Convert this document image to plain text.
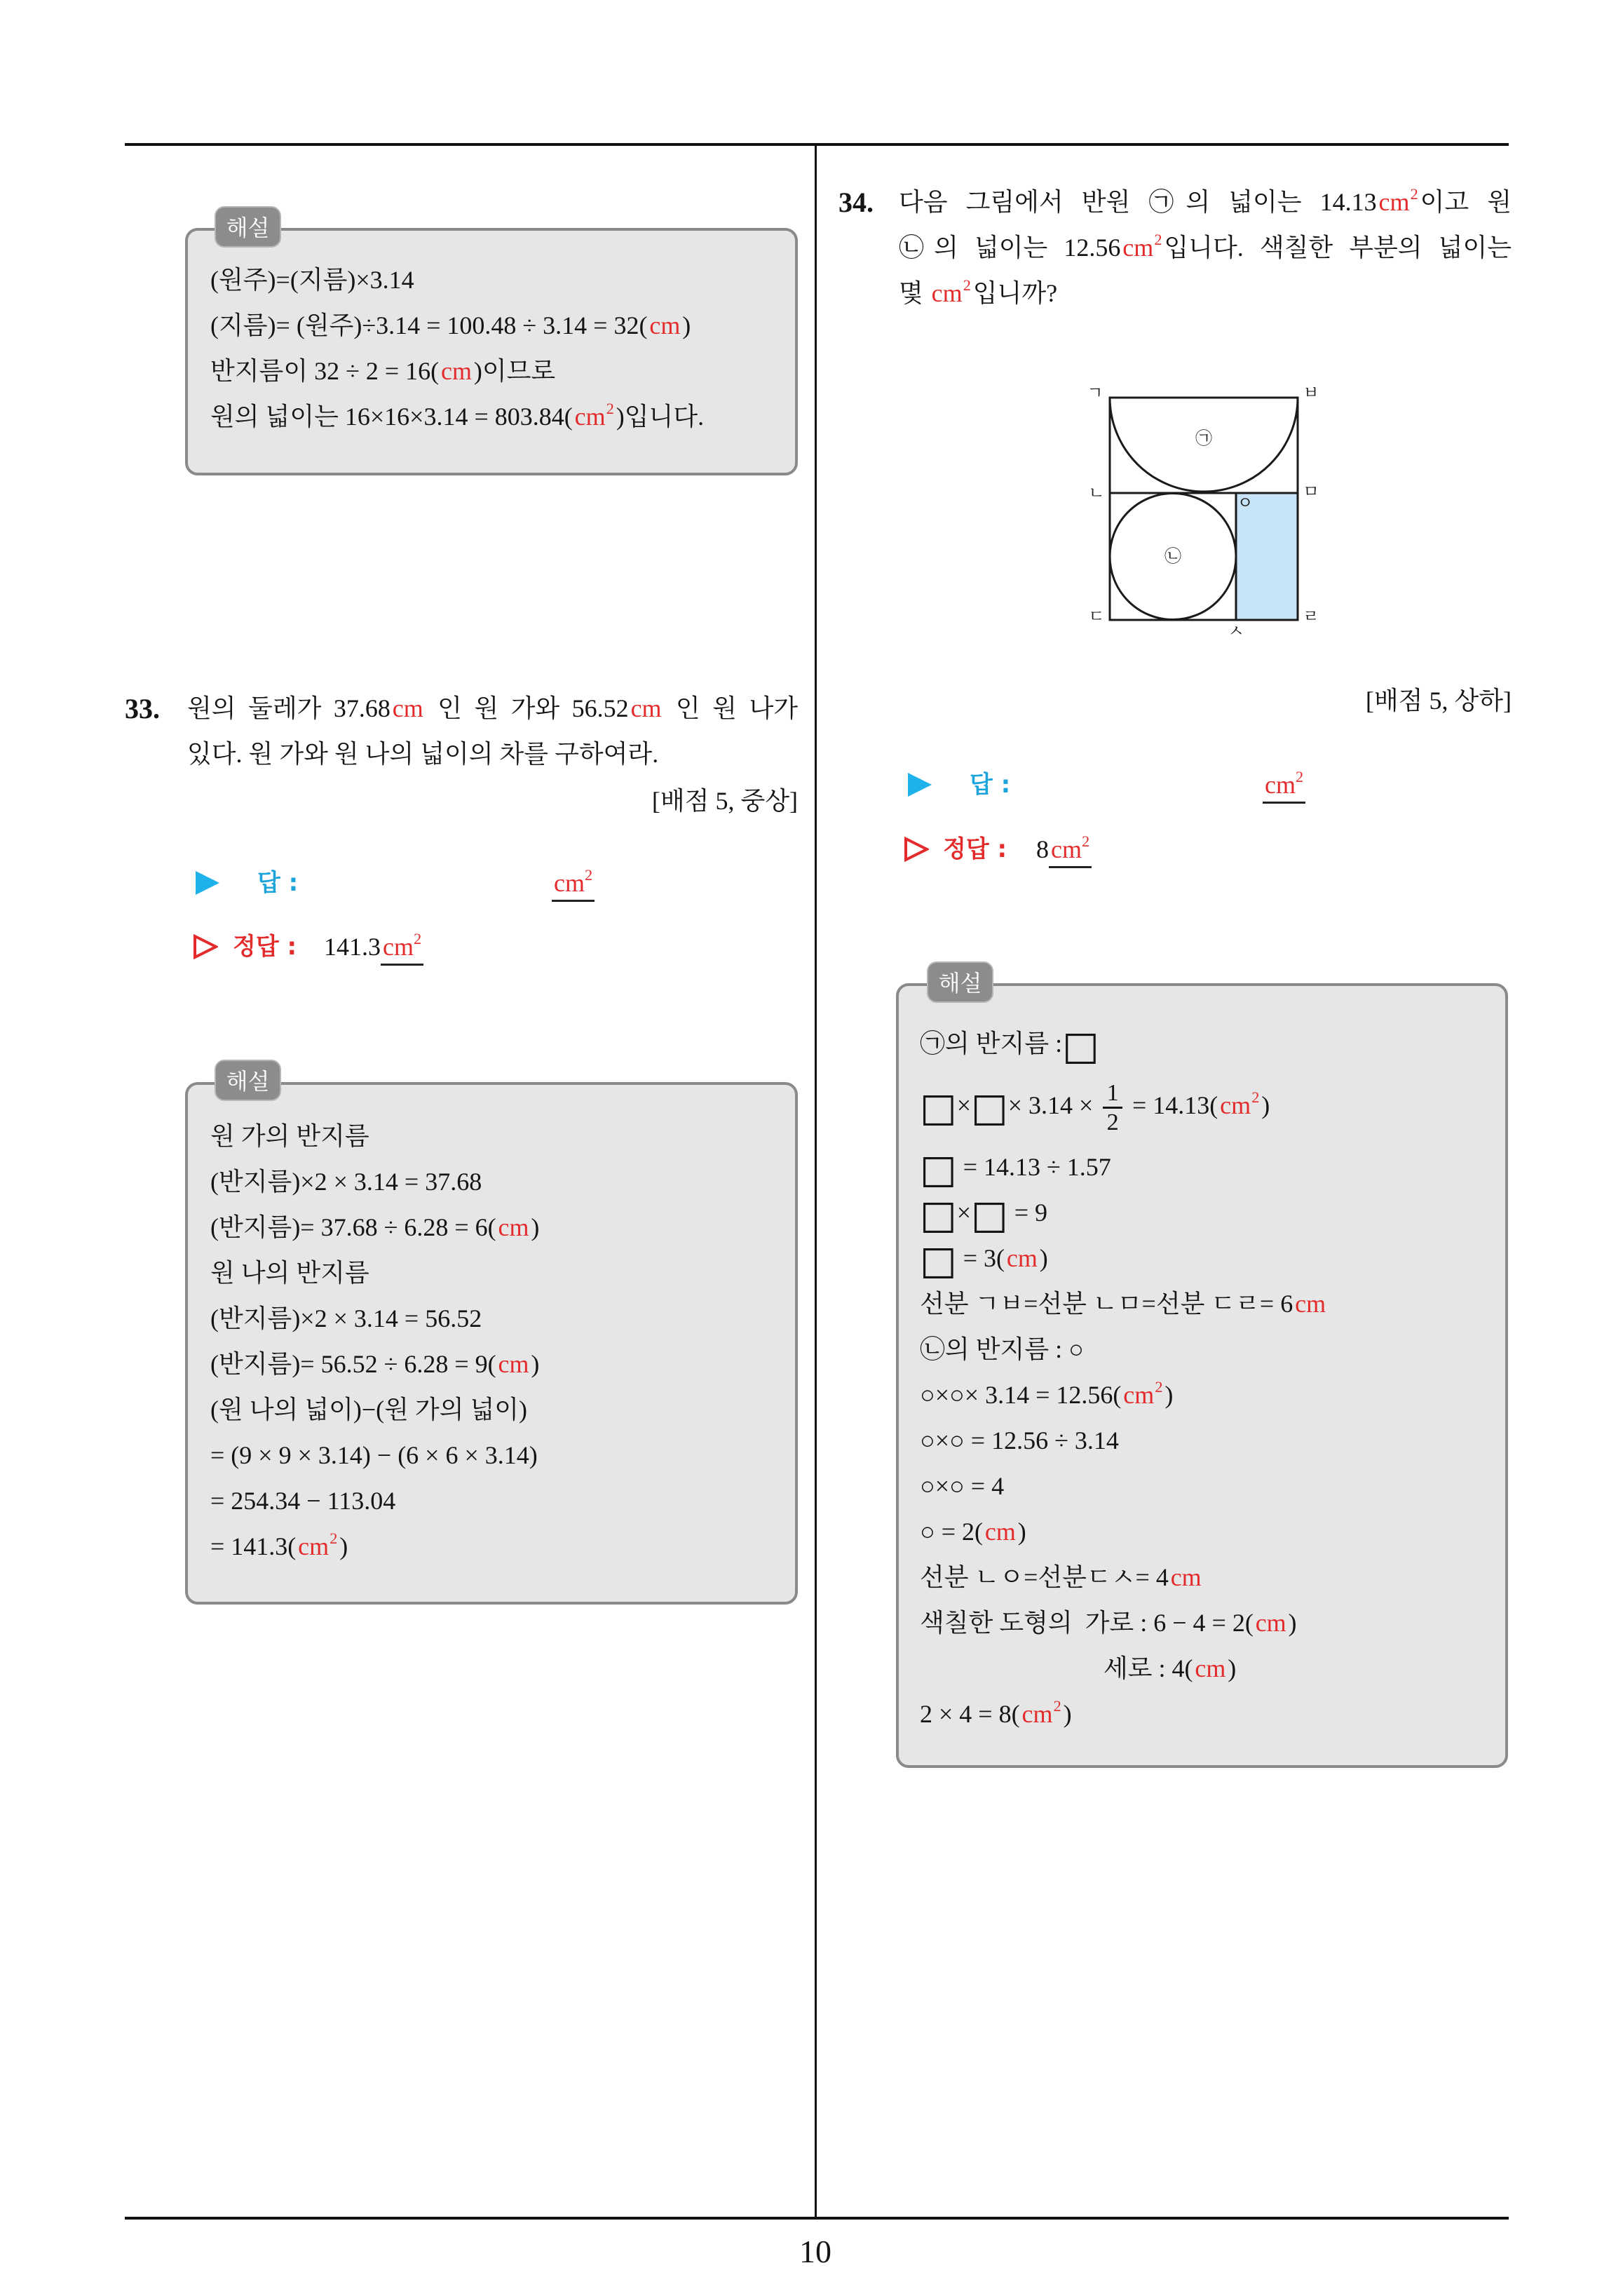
10
(원주)=(지름)×3.14
(지름)= (원주)÷3.14 = 100.48 ÷ 3.14 = 32(cm)
반지름이 32 ÷ 2 = 16(cm)이므로
원의 넓이는 $16\times 16\times 3.14 = 803.84(cm^2)$입니다.
해설
33. 원의 둘레가 37.68cm 인 원 가와 56.52cm 인 원 나가
있다. 원 가와 원 나의 넓이의 차를 구하여라.
[배점 5, 중상]
답 :	$cm^2$
정답 : $141.3cm^2$
원 가의 반지름
(반지름)×2 × 3.14 = 37.68
(반지름)= 37.68 ÷ 6.28 = 6(cm)
원 나의 반지름
(반지름)×2 × 3.14 = 56.52
(반지름)= 56.52 ÷ 6.28 = 9(cm)
(원 나의 넓이)−(원 가의 넓이)
= (9 × 9 × 3.14) − (6 × 6 × 3.14)
= 254.34 − 113.04
= $141.3(cm^2)$
해설
34. 다음 그림에서 반원 ㉠의 넓이는 $14.13cm^2$이고 원
㉡의 넓이는 $12.56cm^2$입니다. 색칠한 부분의 넓이는
몇 $cm^2$입니까?
ㄱ	ㅂ
ㄴ	ㅁ
ㄷ	ㄹ
ㅅ
ㅇ
㉠
㉡
[배점 5, 상하]
답 :	$cm^2$
정답 : $8cm^2$
㉠의 반지름 :□
□×□× $3.14 \times \frac{1}{2} = 14.13(cm^2)$
□ = 14.13 ÷ 1.57
□×□ = 9
□ = 3(cm)
선분 ㄱㅂ=선분 ㄴㅁ=선분 ㄷㄹ= 6cm
㉡의 반지름 : ○
○×○× $3.14 = 12.56(cm^2)$
○×○ = 12.56 ÷ 3.14
○×○ = 4
○ = 2(cm)
선분 ㄴㅇ=선분ㄷㅅ= 4cm
색칠한 도형의  가로 : 6 − 4 = 2(cm)
세로 : 4(cm)
$2 \times 4 = 8(cm^2)$
해설
